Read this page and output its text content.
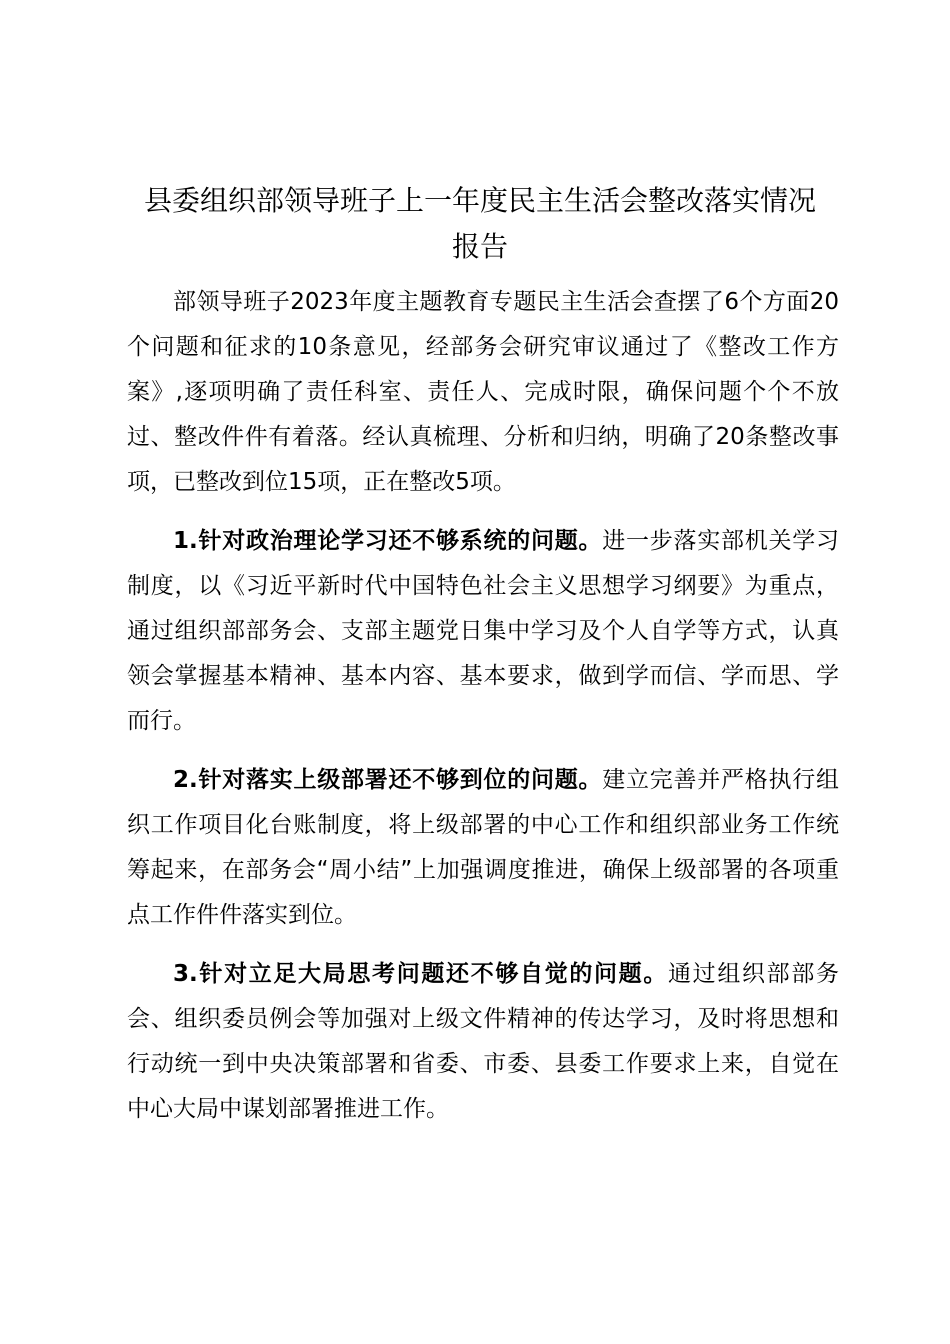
县委组织部领导班子上一年度民主生活会整改落实情况
报告

部领导班子2023年度主题教育专题民主生活会查摆了6个方面20个问题和征求的10条意见，经部务会研究审议通过了《整改工作方案》,逐项明确了责任科室、责任人、完成时限，确保问题个个不放过、整改件件有着落。经认真梳理、分析和归纳，明确了20条整改事项，已整改到位15项，正在整改5项。

1.针对政治理论学习还不够系统的问题。进一步落实部机关学习制度，以《习近平新时代中国特色社会主义思想学习纲要》为重点，通过组织部部务会、支部主题党日集中学习及个人自学等方式，认真领会掌握基本精神、基本内容、基本要求，做到学而信、学而思、学而行。

2.针对落实上级部署还不够到位的问题。建立完善并严格执行组织工作项目化台账制度，将上级部署的中心工作和组织部业务工作统筹起来，在部务会“周小结”上加强调度推进，确保上级部署的各项重点工作件件落实到位。

3.针对立足大局思考问题还不够自觉的问题。通过组织部部务会、组织委员例会等加强对上级文件精神的传达学习，及时将思想和行动统一到中央决策部署和省委、市委、县委工作要求上来，自觉在中心大局中谋划部署推进工作。
